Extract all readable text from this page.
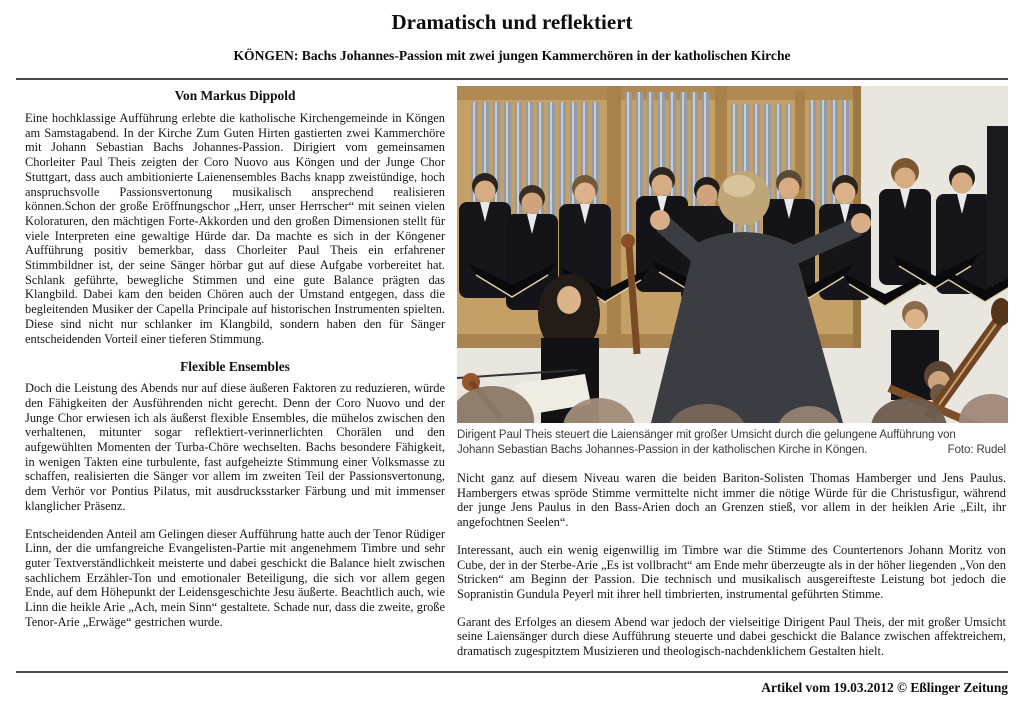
Dramatisch und reflektiert
KÖNGEN: Bachs Johannes-Passion mit zwei jungen Kammerchören in der katholischen Kirche
Von Markus Dippold

Eine hochklassige Aufführung erlebte die katholische Kirchengemeinde in Köngen am Samstagabend. In der Kirche Zum Guten Hirten gastierten zwei Kammerchöre mit Johann Sebastian Bachs Johannes-Passion. Dirigiert vom gemeinsamen Chorleiter Paul Theis zeigten der Coro Nuovo aus Köngen und der Junge Chor Stuttgart, dass auch ambitionierte Laienensembles Bachs knapp zweistündige, hoch anspruchsvolle Passionsvertonung musikalisch ansprechend realisieren können.Schon der große Eröffnungschor „Herr, unser Herrscher“ mit seinen vielen Koloraturen, den mächtigen Forte-Akkorden und den großen Dimensionen stellt für viele Interpreten eine gewaltige Hürde dar. Da machte es sich in der Köngener Aufführung positiv bemerkbar, dass Chorleiter Paul Theis ein erfahrener Stimmbildner ist, der seine Sänger hörbar gut auf diese Aufgabe vorbereitet hat. Schlank geführte, bewegliche Stimmen und eine gute Balance prägten das Klangbild. Dabei kam den beiden Chören auch der Umstand entgegen, dass die begleitenden Musiker der Capella Principale auf historischen Instrumenten spielten. Diese sind nicht nur schlanker im Klangbild, sondern haben den für Sänger entscheidenden Vorteil einer tieferen Stimmung.

Flexible Ensembles

Doch die Leistung des Abends nur auf diese äußeren Faktoren zu reduzieren, würde den Fähigkeiten der Ausführenden nicht gerecht. Denn der Coro Nuovo und der Junge Chor erwiesen ich als äußerst flexible Ensembles, die mühelos zwischen den verhaltenen, mitunter sogar reflektiert-verinnerlichten Chorälen und den aufgewühlten Momenten der Turba-Chöre wechselten. Bachs besondere Fähigkeit, in wenigen Takten eine turbulente, fast aufgeheizte Stimmung einer Volksmasse zu schaffen, realisierten die Sänger vor allem im zweiten Teil der Passionsvertonung, dem Verhör vor Pontius Pilatus, mit ausdrucksstarker Färbung und mit immenser klanglicher Präsenz.

Entscheidenden Anteil am Gelingen dieser Aufführung hatte auch der Tenor Rüdiger Linn, der die umfangreiche Evangelisten-Partie mit angenehmem Timbre und sehr guter Textverständlichkeit meisterte und dabei geschickt die Balance hielt zwischen sachlichem Erzähler-Ton und emotionaler Beteiligung, die sich vor allem gegen Ende, auf dem Höhepunkt der Leidensgeschichte Jesu äußerte. Beachtlich auch, wie Linn die heikle Arie „Ach, mein Sinn“ gestaltete. Schade nur, dass die zweite, große Tenor-Arie „Erwäge“ gestrichen wurde.

Dirigent Paul Theis steuert die Laiensänger mit großer Umsicht durch die gelungene Aufführung von
Johann Sebastian Bachs Johannes-Passion in der katholischen Kirche in Köngen.	Foto: Rudel

Nicht ganz auf diesem Niveau waren die beiden Bariton-Solisten Thomas Hamberger und Jens Paulus. Hambergers etwas spröde Stimme vermittelte nicht immer die nötige Würde für die Christusfigur, während der junge Jens Paulus in den Bass-Arien doch an Grenzen stieß, vor allem in der heiklen Arie „Eilt, ihr angefochtnen Seelen“.

Interessant, auch ein wenig eigenwillig im Timbre war die Stimme des Countertenors Johann Moritz von Cube, der in der Sterbe-Arie „Es ist vollbracht“ am Ende mehr überzeugte als in der höher liegenden „Von den Stricken“ am Beginn der Passion. Die technisch und musikalisch ausgereifteste Leistung bot jedoch die Sopranistin Gundula Peyerl mit ihrer hell timbrierten, instrumental geführten Stimme.

Garant des Erfolges an diesem Abend war jedoch der vielseitige Dirigent Paul Theis, der mit großer Umsicht seine Laiensänger durch diese Aufführung steuerte und dabei geschickt die Balance zwischen affektreichem, dramatisch zugespitztem Musizieren und theologisch-nachdenklichem Gestalten hielt.

Artikel vom 19.03.2012 © Eßlinger Zeitung
